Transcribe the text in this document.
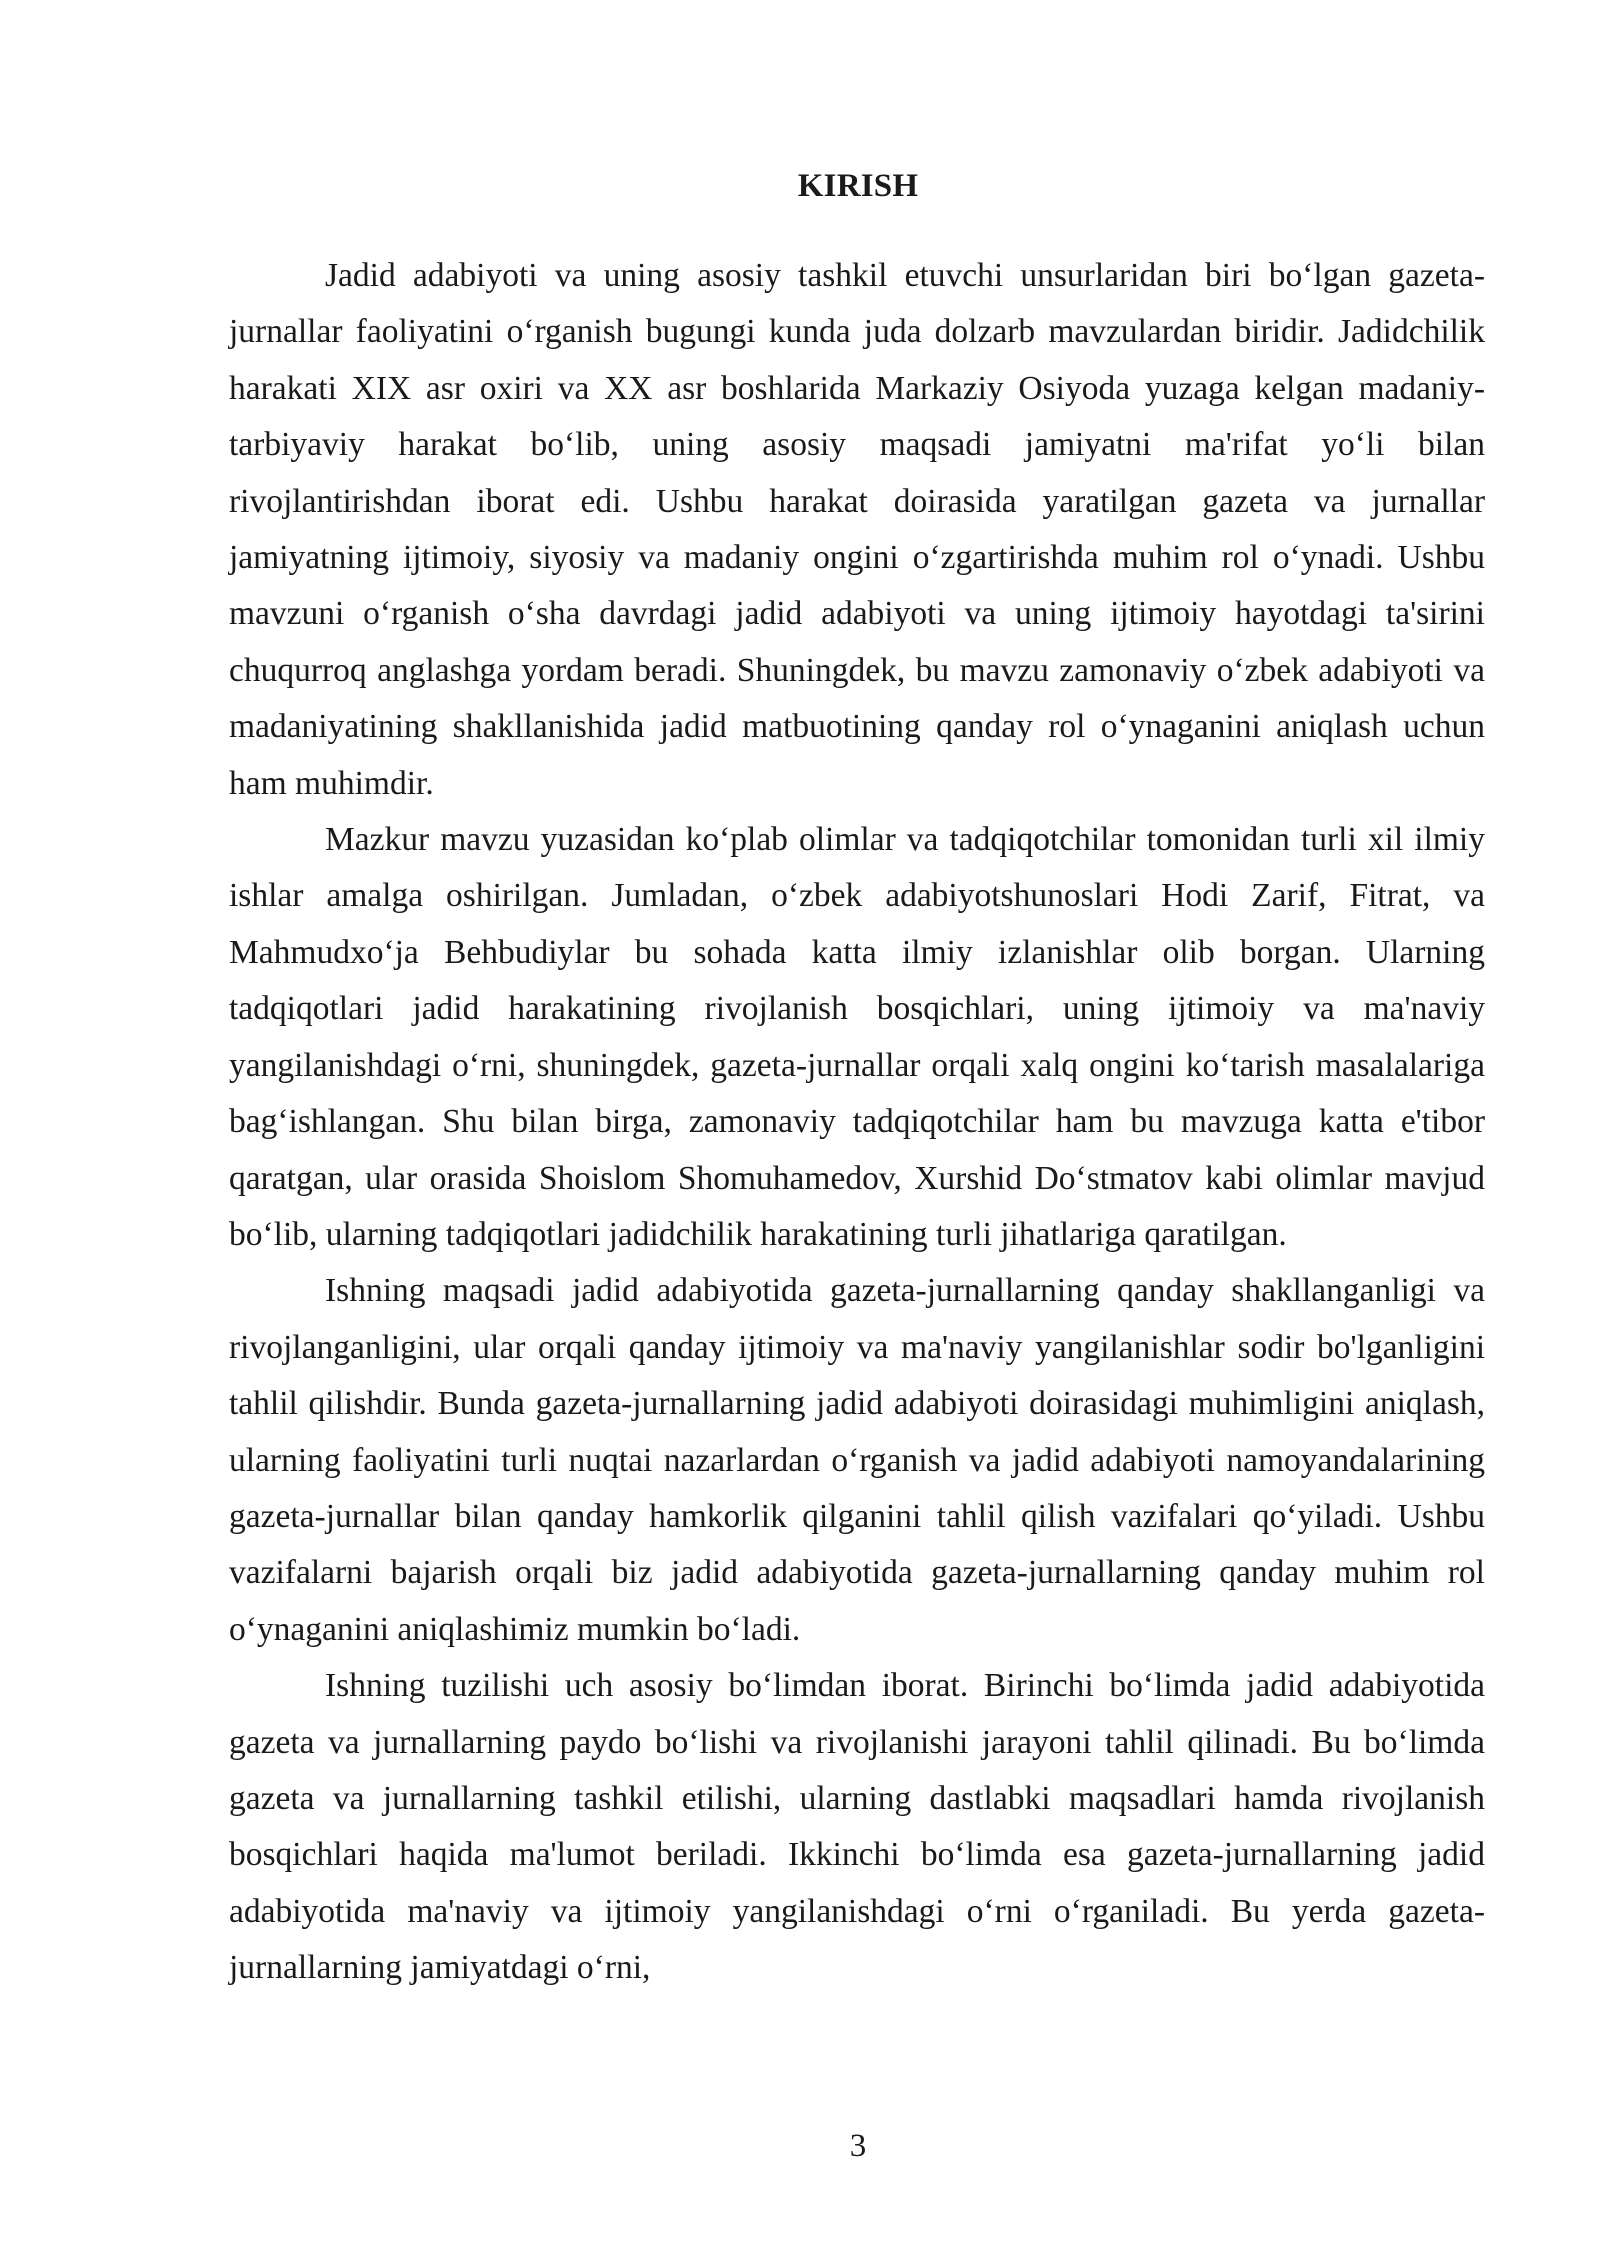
KIRISH

Jadid adabiyoti va uning asosiy tashkil etuvchi unsurlaridan biri bo‘lgan gazeta-jurnallar faoliyatini o‘rganish bugungi kunda juda dolzarb mavzulardan biridir. Jadidchilik harakati XIX asr oxiri va XX asr boshlarida Markaziy Osiyoda yuzaga kelgan madaniy-tarbiyaviy harakat bo‘lib, uning asosiy maqsadi jamiyatni ma'rifat yo‘li bilan rivojlantirishdan iborat edi. Ushbu harakat doirasida yaratilgan gazeta va jurnallar jamiyatning ijtimoiy, siyosiy va madaniy ongini o‘zgartirishda muhim rol o‘ynadi. Ushbu mavzuni o‘rganish o‘sha davrdagi jadid adabiyoti va uning ijtimoiy hayotdagi ta'sirini chuqurroq anglashga yordam beradi. Shuningdek, bu mavzu zamonaviy o‘zbek adabiyoti va madaniyatining shakllanishida jadid matbuotining qanday rol o‘ynaganini aniqlash uchun ham muhimdir.

Mazkur mavzu yuzasidan ko‘plab olimlar va tadqiqotchilar tomonidan turli xil ilmiy ishlar amalga oshirilgan. Jumladan, o‘zbek adabiyotshunoslari Hodi Zarif, Fitrat, va Mahmudxo‘ja Behbudiylar bu sohada katta ilmiy izlanishlar olib borgan. Ularning tadqiqotlari jadid harakatining rivojlanish bosqichlari, uning ijtimoiy va ma'naviy yangilanishdagi o‘rni, shuningdek, gazeta-jurnallar orqali xalq ongini ko‘tarish masalalariga bag‘ishlangan. Shu bilan birga, zamonaviy tadqiqotchilar ham bu mavzuga katta e'tibor qaratgan, ular orasida Shoislom Shomuhamedov, Xurshid Do‘stmatov kabi olimlar mavjud bo‘lib, ularning tadqiqotlari jadidchilik harakatining turli jihatlariga qaratilgan.

Ishning maqsadi jadid adabiyotida gazeta-jurnallarning qanday shakllanganligi va rivojlanganligini, ular orqali qanday ijtimoiy va ma'naviy yangilanishlar sodir bo'lganligini tahlil qilishdir. Bunda gazeta-jurnallarning jadid adabiyoti doirasidagi muhimligini aniqlash, ularning faoliyatini turli nuqtai nazarlardan o‘rganish va jadid adabiyoti namoyandalarining gazeta-jurnallar bilan qanday hamkorlik qilganini tahlil qilish vazifalari qo‘yiladi. Ushbu vazifalarni bajarish orqali biz jadid adabiyotida gazeta-jurnallarning qanday muhim rol o‘ynaganini aniqlashimiz mumkin bo‘ladi.

Ishning tuzilishi uch asosiy bo‘limdan iborat. Birinchi bo‘limda jadid adabiyotida gazeta va jurnallarning paydo bo‘lishi va rivojlanishi jarayoni tahlil qilinadi. Bu bo‘limda gazeta va jurnallarning tashkil etilishi, ularning dastlabki maqsadlari hamda rivojlanish bosqichlari haqida ma'lumot beriladi. Ikkinchi bo‘limda esa gazeta-jurnallarning jadid adabiyotida ma'naviy va ijtimoiy yangilanishdagi o‘rni o‘rganiladi. Bu yerda gazeta-jurnallarning jamiyatdagi o‘rni,

3
